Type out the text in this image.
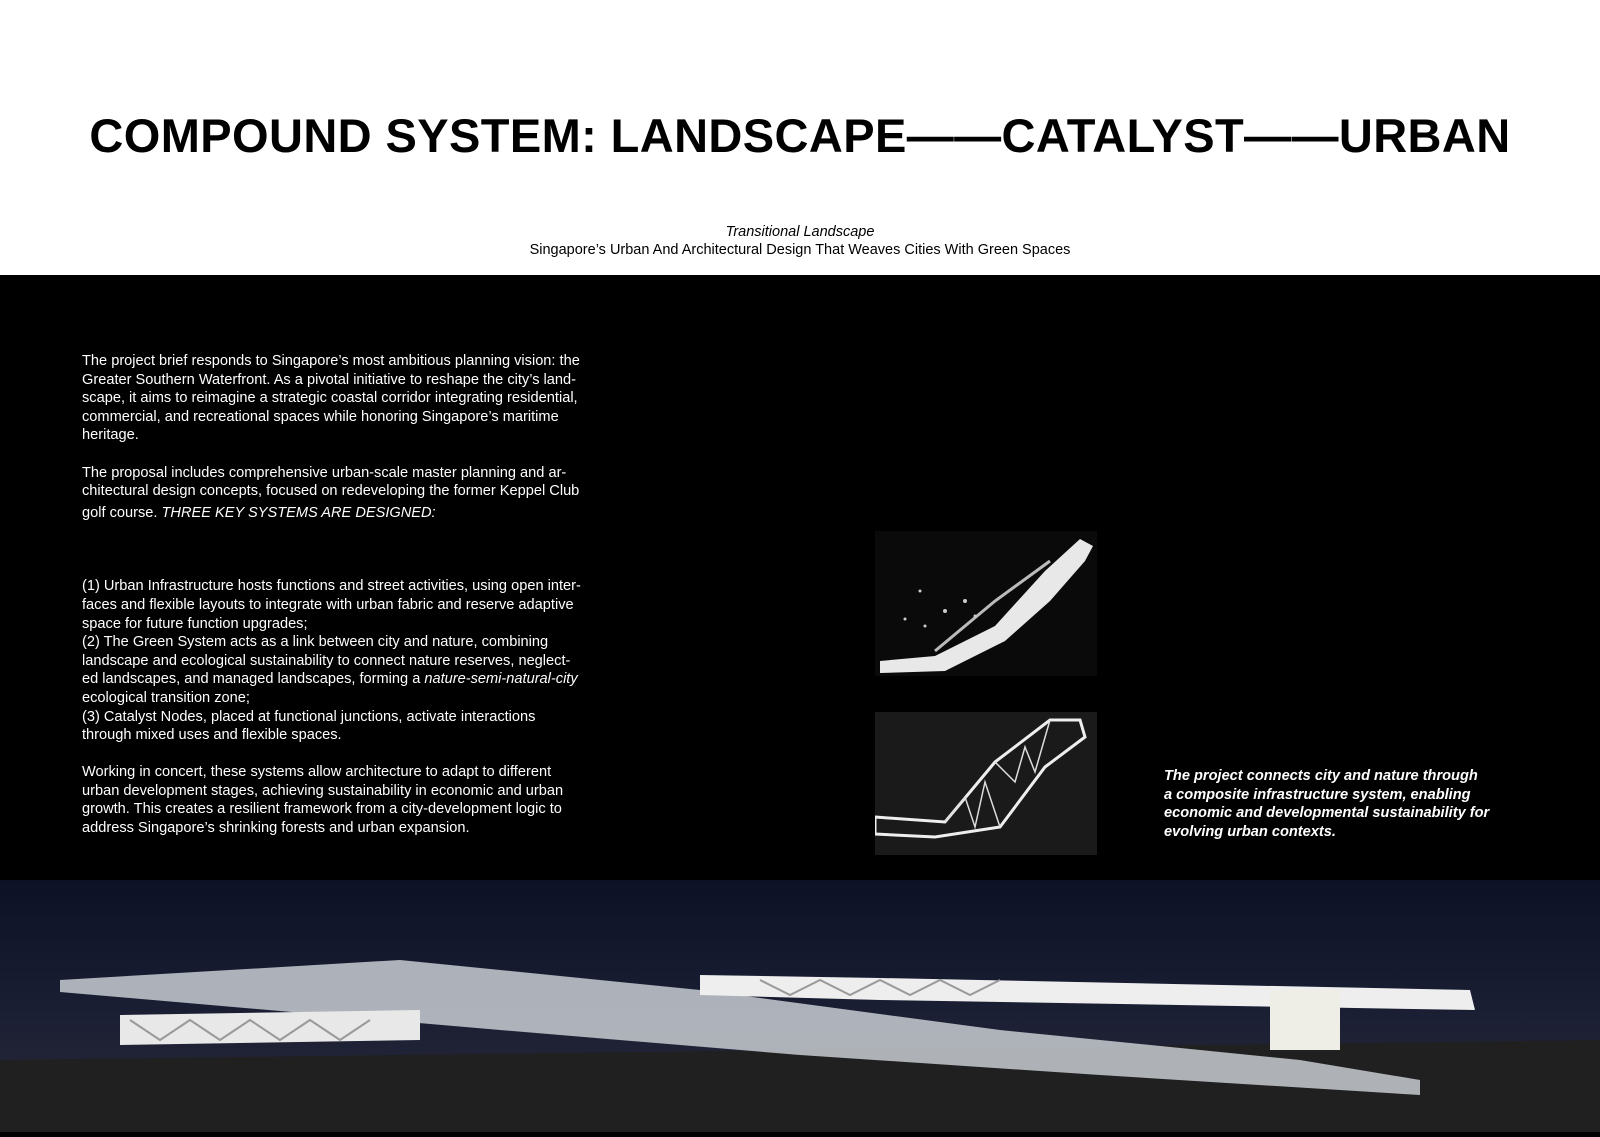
COMPOUND SYSTEM: LANDSCAPE——CATALYST——URBAN
Transitional Landscape
Singapore’s Urban And Architectural Design That Weaves Cities With Green Spaces
The project brief responds to Singapore’s most ambitious planning vision: the
Greater Southern Waterfront. As a pivotal initiative to reshape the city’s land-
scape, it aims to reimagine a strategic coastal corridor integrating residential,
commercial, and recreational spaces while honoring Singapore’s maritime
heritage.
The proposal includes comprehensive urban-scale master planning and ar-
chitectural design concepts, focused on redeveloping the former Keppel Club
golf course. THREE KEY SYSTEMS ARE DESIGNED:
(1) Urban Infrastructure hosts functions and street activities, using open inter-
faces and flexible layouts to integrate with urban fabric and reserve adaptive
space for future function upgrades;
(2) The Green System acts as a link between city and nature, combining
landscape and ecological sustainability to connect nature reserves, neglect-
ed landscapes, and managed landscapes, forming a nature-semi-natural-city
ecological transition zone;
(3) Catalyst Nodes, placed at functional junctions, activate interactions
through mixed uses and flexible spaces.
Working in concert, these systems allow architecture to adapt to different
urban development stages, achieving sustainability in economic and urban
growth. This creates a resilient framework from a city-development logic to
address Singapore’s shrinking forests and urban expansion.
The project connects city and nature through
a composite infrastructure system, enabling
economic and developmental sustainability for
evolving urban contexts.
